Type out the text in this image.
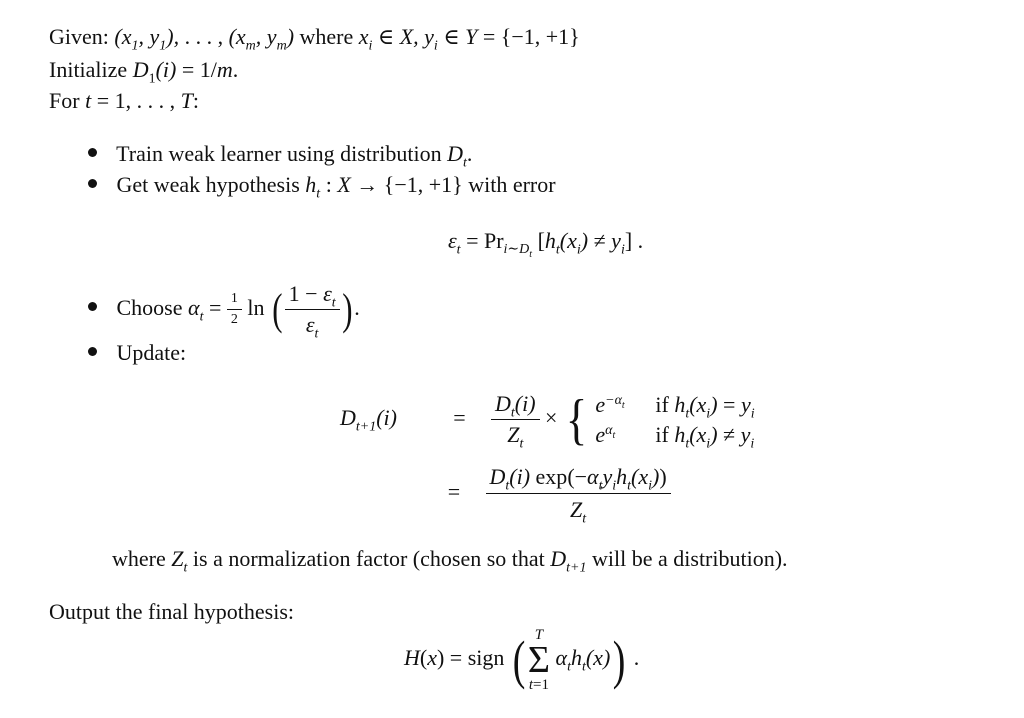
Given: ($x_1$, $y_1$), . . . , ($x_m$, $y_m$) where $x_i$ ∈ X, $y_i$ ∈ Y = {−1, +1}
Initialize $D_1(i) = 1/m$.
For t = 1, . . . , T:
Train weak learner using distribution $D_t$.
Get weak hypothesis $h_t$ : X → {−1, +1} with error
$\varepsilon_t = Pr_{i\sim D_t}$ $[h_t(x_i) \ne y_i]$ .
Choose $\alpha_t = \frac{1}{2}$ ln ( $\frac{1 - \varepsilon_t}{\varepsilon_t}$ ).
Update:
$D_{t+1}(i)$	= $\frac{D_t(i)}{Z_t}$ × { $e^{-\alpha_t}$ if $h_t(x_i) = y_i$
$e^{\alpha_t}$ if $h_t(x_i) \ne y_i$
= $\frac{D_t(i) \exp(-\alpha_ty_ih_t(x_i))}{Z_t}$
where $Z_t$ is a normalization factor (chosen so that $D_{t+1}$ will be a distribution).
Output the final hypothesis:
H(x) = sign ( T
Σ
t=1
$\alpha_th_t(x)$) .
